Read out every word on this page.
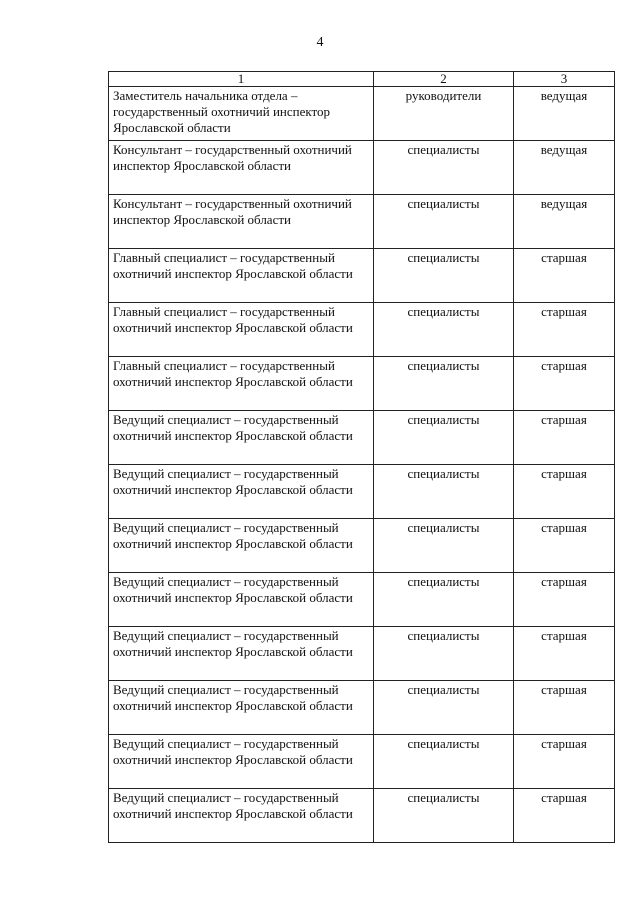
4
1	2	3
Заместитель начальника отдела – государственный охотничий инспектор Ярославской области	руководители	ведущая
Консультант – государственный охотничий инспектор Ярославской области	специалисты	ведущая
Консультант – государственный охотничий инспектор Ярославской области	специалисты	ведущая
Главный специалист – государственный охотничий инспектор Ярославской области	специалисты	старшая
Главный специалист – государственный охотничий инспектор Ярославской области	специалисты	старшая
Главный специалист – государственный охотничий инспектор Ярославской области	специалисты	старшая
Ведущий специалист – государственный охотничий инспектор Ярославской области	специалисты	старшая
Ведущий специалист – государственный охотничий инспектор Ярославской области	специалисты	старшая
Ведущий специалист – государственный охотничий инспектор Ярославской области	специалисты	старшая
Ведущий специалист – государственный охотничий инспектор Ярославской области	специалисты	старшая
Ведущий специалист – государственный охотничий инспектор Ярославской области	специалисты	старшая
Ведущий специалист – государственный охотничий инспектор Ярославской области	специалисты	старшая
Ведущий специалист – государственный охотничий инспектор Ярославской области	специалисты	старшая
Ведущий специалист – государственный охотничий инспектор Ярославской области	специалисты	старшая
